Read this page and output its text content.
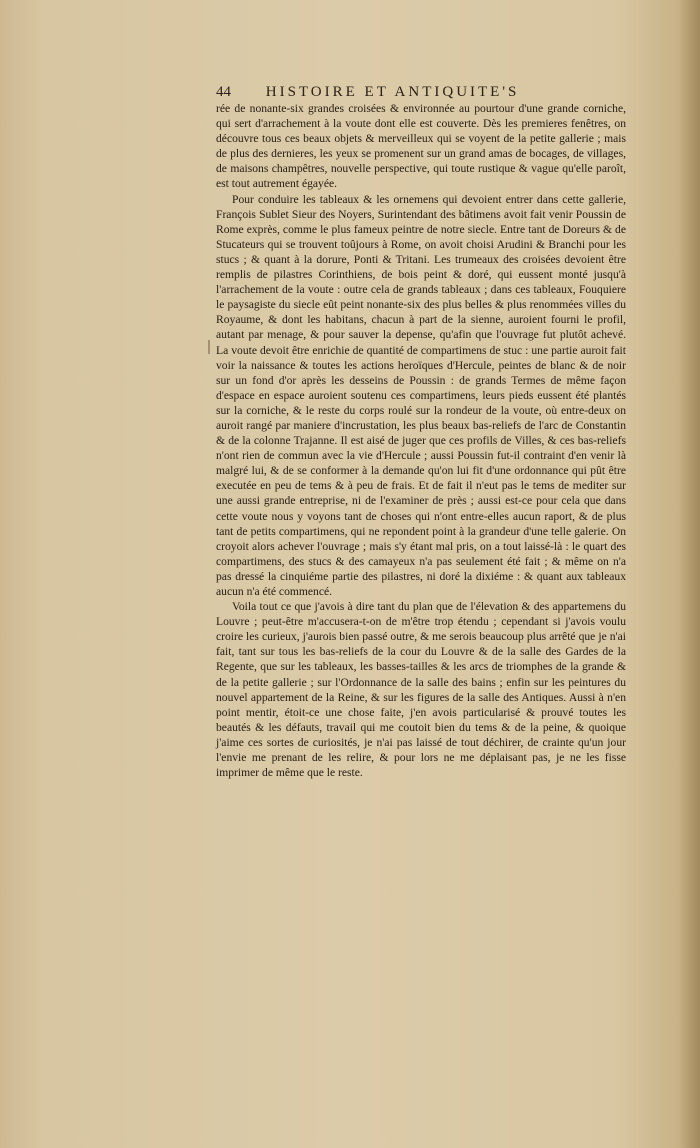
44 HISTOIRE ET ANTIQUITE'S

rée de nonante-six grandes croisées & environnée au pourtour d'une grande corniche, qui sert d'arrachement à la voute dont elle est couverte. Dès les premieres fenêtres, on découvre tous ces beaux objets & merveilleux qui se voyent de la petite gallerie ; mais de plus des dernieres, les yeux se promenent sur un grand amas de bocages, de villages, de maisons champêtres, nouvelle perspective, qui toute rustique & vague qu'elle paroît, est tout autrement égayée.

Pour conduire les tableaux & les ornemens qui devoient entrer dans cette gallerie, François Sublet Sieur des Noyers, Surintendant des bâtimens avoit fait venir Poussin de Rome exprès, comme le plus fameux peintre de notre siecle. Entre tant de Doreurs & de Stucateurs qui se trouvent toûjours à Rome, on avoit choisi Arudini & Branchi pour les stucs ; & quant à la dorure, Ponti & Tritani. Les trumeaux des croisées devoient être remplis de pilastres Corinthiens, de bois peint & doré, qui eussent monté jusqu'à l'arrachement de la voute : outre cela de grands tableaux ; dans ces tableaux, Fouquiere le paysagiste du siecle eût peint nonante-six des plus belles & plus renommées villes du Royaume, & dont les habitans, chacun à part de la sienne, auroient fourni le profil, autant par menage, & pour sauver la depense, qu'afin que l'ouvrage fut plutôt achevé. La voute devoit être enrichie de quantité de compartimens de stuc : une partie auroit fait voir la naissance & toutes les actions heroïques d'Hercule, peintes de blanc & de noir sur un fond d'or après les desseins de Poussin : de grands Termes de même façon d'espace en espace auroient soutenu ces compartimens, leurs pieds eussent été plantés sur la corniche, & le reste du corps roulé sur la rondeur de la voute, où entre-deux on auroit rangé par maniere d'incrustation, les plus beaux bas-reliefs de l'arc de Constantin & de la colonne Trajanne. Il est aisé de juger que ces profils de Villes, & ces bas-reliefs n'ont rien de commun avec la vie d'Hercule ; aussi Poussin fut-il contraint d'en venir là malgré lui, & de se conformer à la demande qu'on lui fit d'une ordonnance qui pût être executée en peu de tems & à peu de frais. Et de fait il n'eut pas le tems de mediter sur une aussi grande entreprise, ni de l'examiner de près ; aussi est-ce pour cela que dans cette voute nous y voyons tant de choses qui n'ont entre-elles aucun raport, & de plus tant de petits compartimens, qui ne repondent point à la grandeur d'une telle galerie. On croyoit alors achever l'ouvrage ; mais s'y étant mal pris, on a tout laissé-là : le quart des compartimens, des stucs & des camayeux n'a pas seulement été fait ; & même on n'a pas dressé la cinquiéme partie des pilastres, ni doré la dixiéme : & quant aux tableaux aucun n'a été commencé.

Voila tout ce que j'avois à dire tant du plan que de l'élevation & des appartemens du Louvre ; peut-être m'accusera-t-on de m'être trop étendu ; cependant si j'avois voulu croire les curieux, j'aurois bien passé outre, & me serois beaucoup plus arrêté que je n'ai fait, tant sur tous les bas-reliefs de la cour du Louvre & de la salle des Gardes de la Regente, que sur les tableaux, les basses-tailles & les arcs de triomphes de la grande & de la petite gallerie ; sur l'Ordonnance de la salle des bains ; enfin sur les peintures du nouvel appartement de la Reine, & sur les figures de la salle des Antiques. Aussi à n'en point mentir, étoit-ce une chose faite, j'en avois particularisé & prouvé toutes les beautés & les défauts, travail qui me coutoit bien du tems & de la peine, & quoique j'aime ces sortes de curiosités, je n'ai pas laissé de tout déchirer, de crainte qu'un jour l'envie me prenant de les relire, & pour lors ne me déplaisant pas, je ne les fisse imprimer de même que le reste.
